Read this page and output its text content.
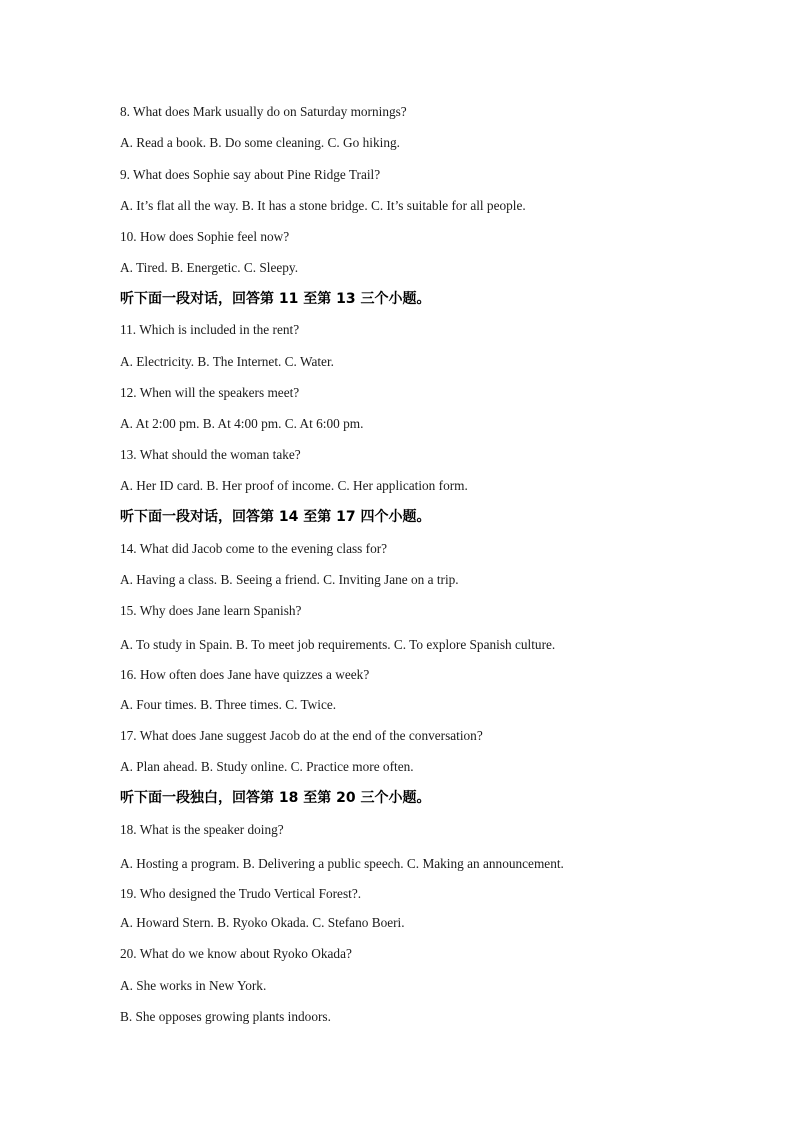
8. What does Mark usually do on Saturday mornings?
A. Read a book. B. Do some cleaning. C. Go hiking.
9. What does Sophie say about Pine Ridge Trail?
A. It’s flat all the way. B. It has a stone bridge. C. It’s suitable for all people.
10. How does Sophie feel now?
A. Tired. B. Energetic. C. Sleepy.
听下面一段对话，回答第 11 至第 13 三个小题。
11. Which is included in the rent?
A. Electricity. B. The Internet. C. Water.
12. When will the speakers meet?
A. At 2:00 pm. B. At 4:00 pm. C. At 6:00 pm.
13. What should the woman take?
A. Her ID card. B. Her proof of income. C. Her application form.
听下面一段对话，回答第 14 至第 17 四个小题。
14. What did Jacob come to the evening class for?
A. Having a class. B. Seeing a friend. C. Inviting Jane on a trip.
15. Why does Jane learn Spanish?
A. To study in Spain. B. To meet job requirements. C. To explore Spanish culture.
16. How often does Jane have quizzes a week?
A. Four times. B. Three times. C. Twice.
17. What does Jane suggest Jacob do at the end of the conversation?
A. Plan ahead. B. Study online. C. Practice more often.
听下面一段独白，回答第 18 至第 20 三个小题。
18. What is the speaker doing?
A. Hosting a program. B. Delivering a public speech. C. Making an announcement.
19. Who designed the Trudo Vertical Forest?.
A. Howard Stern. B. Ryoko Okada. C. Stefano Boeri.
20. What do we know about Ryoko Okada?
A. She works in New York.
B. She opposes growing plants indoors.
